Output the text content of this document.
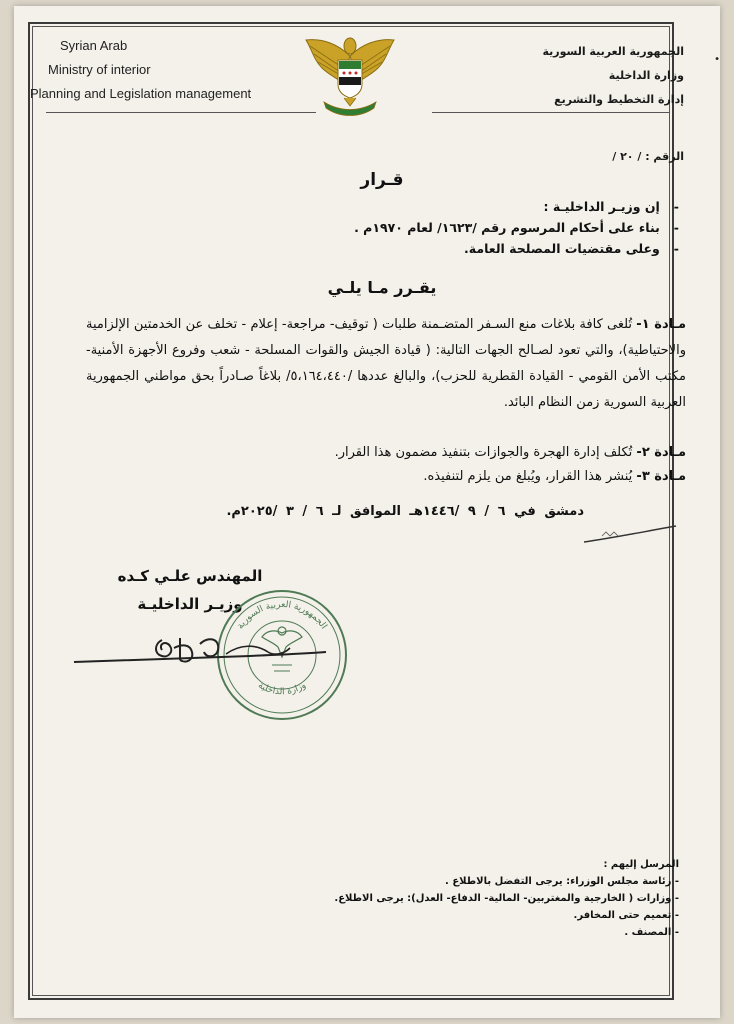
•
Syrian Arab
Ministry of interior
Planning and Legislation management
الجمهورية العربية السورية
وزارة الداخلية
إدارة التخطيط والتشريع
الرقم : / ٢٠ /
قـرار
- إن وزيـر الداخليـة :
- بناء على أحكام المرسوم رقم /١٦٢٣/ لعام ١٩٧٠م .
- وعلى مقتضيات المصلحة العامة.
يقـرر مـا يلـي
مـادة ١- تُلغى كافة بلاغات منع السـفر المتضـمنة طلبات ( توقيف- مراجعة- إعلام - تخلف عن الخدمتين الإلزامية والاحتياطية)، والتي تعود لصـالح الجهات التالية: ( قيادة الجيش والقوات المسلحة - شعب وفروع الأجهزة الأمنية- مكتب الأمن القومي - القيادة القطرية للحزب)، والبالغ عددها /٥،١٦٤،٤٤٠/ بلاغاً صـادراً بحق مواطني الجمهورية العربية السورية زمن النظام البائد.
مـادة ٢- تُكلف إدارة الهجرة والجوازات بتنفيذ مضمون هذا القرار.
مـادة ٣- يُنشر هذا القرار، ويُبلغ من يلزم لتنفيذه.
دمشق في ٦ / ٩ /١٤٤٦هـ الموافق لـ ٦ / ٣ /٢٠٢٥م.
المهندس علـي كـده
وزيـر الداخليـة
الجمهورية العربية السورية
وزارة الداخلية
المرسل إليهم :
- رئاسة مجلس الوزراء: يرجى التفضل بالاطلاع .
- وزارات ( الخارجية والمغتربين- المالية- الدفاع- العدل): يرجى الاطلاع.
- تعميم حتى المخافر.
- المصنف .
